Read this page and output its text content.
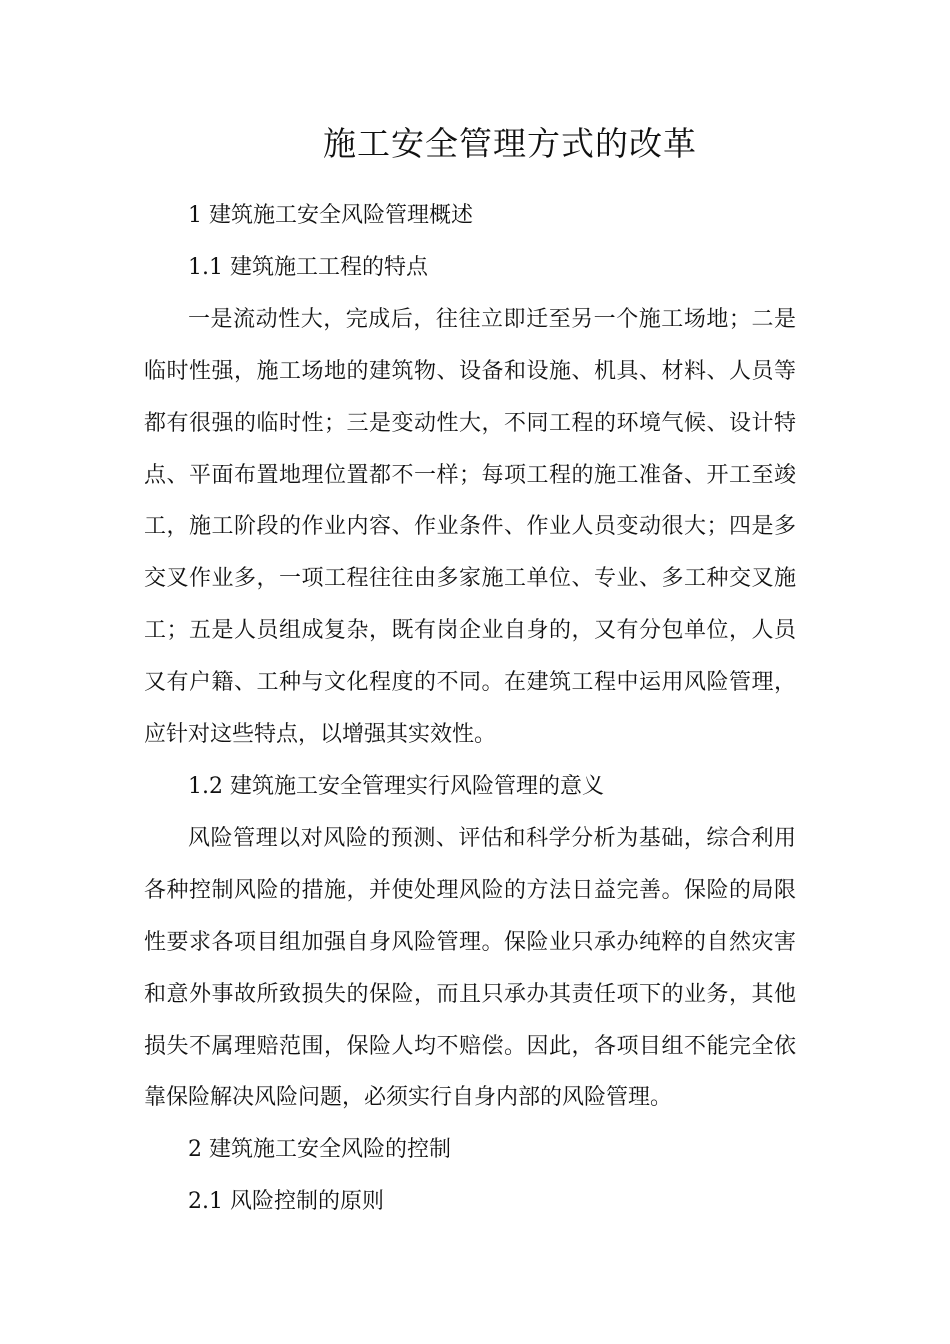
施工安全管理方式的改革

1 建筑施工安全风险管理概述

1.1 建筑施工工程的特点

一是流动性大，完成后，往往立即迁至另一个施工场地；二是临时性强，施工场地的建筑物、设备和设施、机具、材料、人员等都有很强的临时性；三是变动性大，不同工程的环境气候、设计特点、平面布置地理位置都不一样；每项工程的施工准备、开工至竣工，施工阶段的作业内容、作业条件、作业人员变动很大；四是多交叉作业多，一项工程往往由多家施工单位、专业、多工种交叉施工；五是人员组成复杂，既有岗企业自身的，又有分包单位，人员又有户籍、工种与文化程度的不同。在建筑工程中运用风险管理，应针对这些特点，以增强其实效性。

1.2 建筑施工安全管理实行风险管理的意义

风险管理以对风险的预测、评估和科学分析为基础，综合利用各种控制风险的措施，并使处理风险的方法日益完善。保险的局限性要求各项目组加强自身风险管理。保险业只承办纯粹的自然灾害和意外事故所致损失的保险，而且只承办其责任项下的业务，其他损失不属理赔范围，保险人均不赔偿。因此，各项目组不能完全依靠保险解决风险问题，必须实行自身内部的风险管理。

2 建筑施工安全风险的控制

2.1 风险控制的原则
